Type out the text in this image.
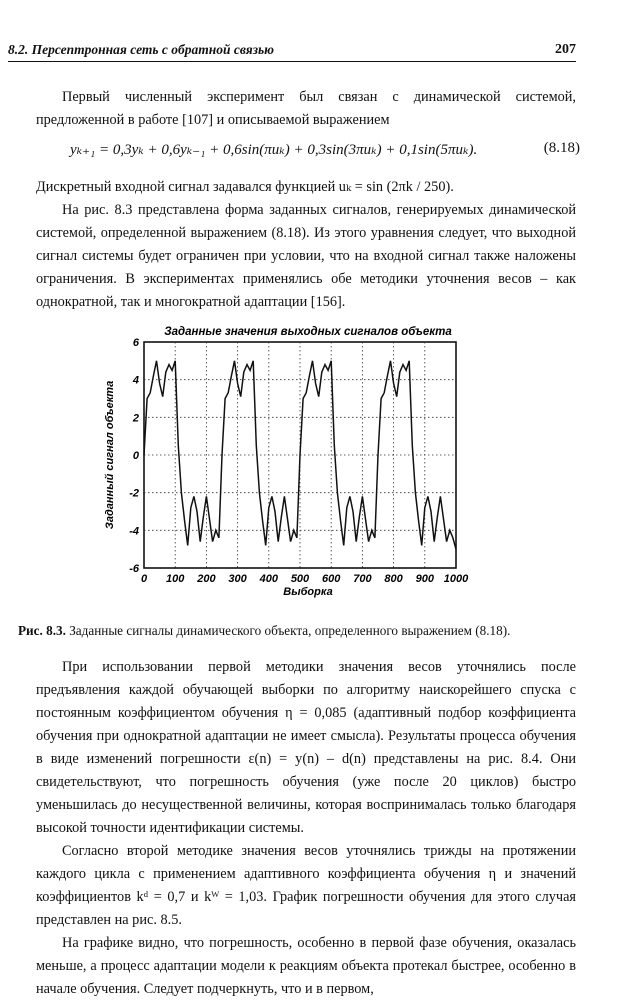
8.2. Персептронная сеть с обратной связью	207

Первый численный эксперимент был связан с динамической системой, предложенной в работе [107] и описываемой выражением

yₖ₊₁ = 0,3yₖ + 0,6yₖ₋₁ + 0,6sin(πuₖ) + 0,3sin(3πuₖ) + 0,1sin(5πuₖ).	(8.18)

Дискретный входной сигнал задавался функцией uₖ = sin (2πk / 250).

На рис. 8.3 представлена форма заданных сигналов, генерируемых динамической системой, определенной выражением (8.18). Из этого уравнения следует, что выходной сигнал системы будет ограничен при условии, что на входной сигнал также наложены ограничения. В экспериментах применялись обе методики уточнения весов – как однократной, так и многократной адаптации [156].

Заданные значения выходных сигналов объекта
6
4
2
0
-2
-4
-6
0 100 200 300 400 500 600 700 800 900 1000
Выборка
Заданный сигнал объекта
Рис. 8.3. Заданные сигналы динамического объекта, определенного выражением (8.18).

При использовании первой методики значения весов уточнялись после предъявления каждой обучающей выборки по алгоритму наискорейшего спуска с постоянным коэффициентом обучения η = 0,085 (адаптивный подбор коэффициента обучения при однократной адаптации не имеет смысла). Результаты процесса обучения в виде изменений погрешности ε(n) = y(n) – d(n) представлены на рис. 8.4. Они свидетельствуют, что погрешность обучения (уже после 20 циклов) быстро уменьшилась до несущественной величины, которая воспринималась только благодаря высокой точности идентификации системы.

Согласно второй методике значения весов уточнялись трижды на протяжении каждого цикла с применением адаптивного коэффициента обучения η и значений коэффициентов kᵈ = 0,7 и kᵂ = 1,03. График погрешности обучения для этого случая представлен на рис. 8.5.

На графике видно, что погрешность, особенно в первой фазе обучения, оказалась меньше, а процесс адаптации модели к реакциям объекта протекал быстрее, особенно в начале обучения. Следует подчеркнуть, что и в первом,
